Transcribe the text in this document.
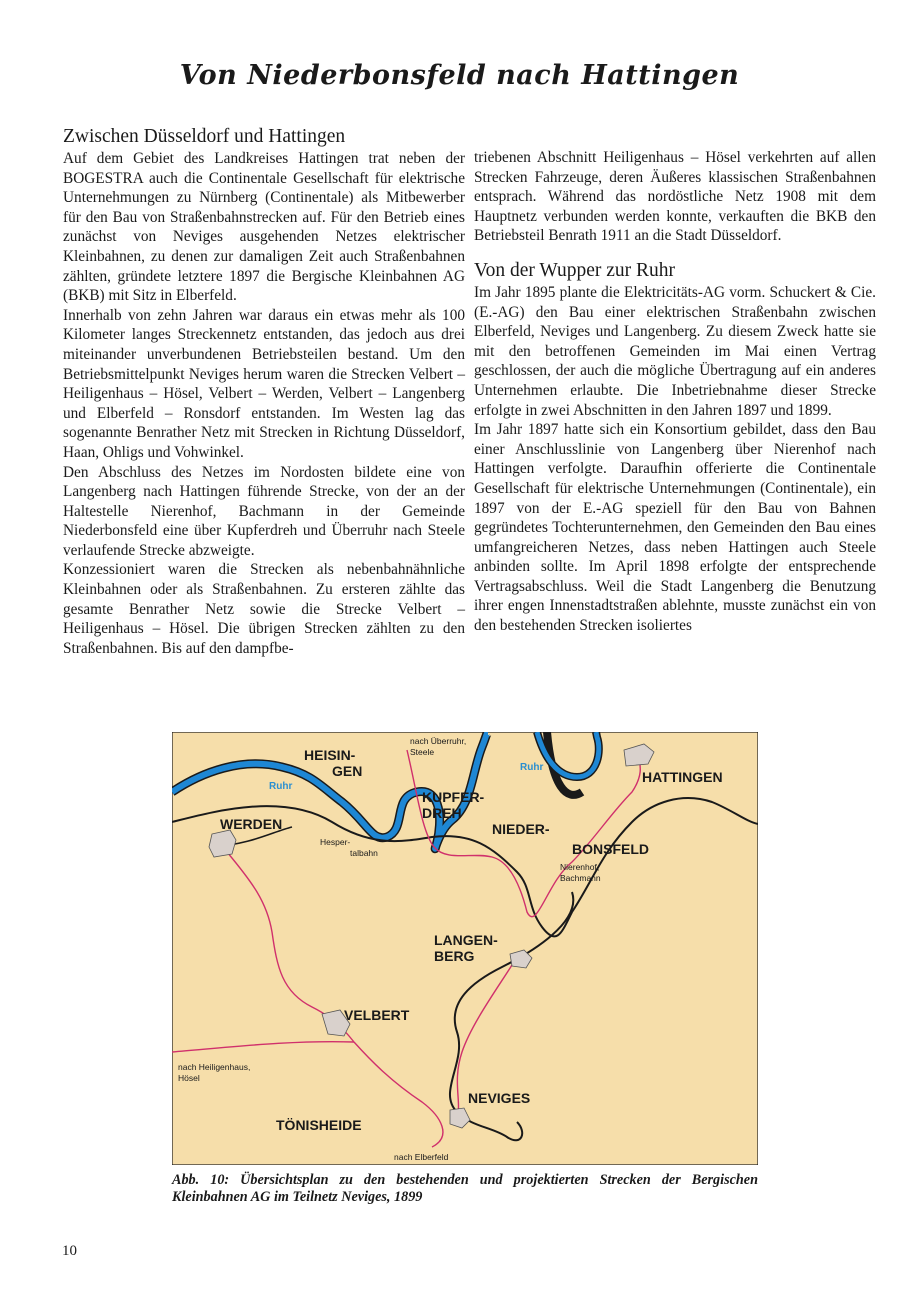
Von Niederbonsfeld nach Hattingen
Zwischen Düsseldorf und Hattingen

Auf dem Gebiet des Landkreises Hattingen trat neben der BOGESTRA auch die Continentale Gesellschaft für elektrische Unternehmungen zu Nürnberg (Continentale) als Mitbewerber für den Bau von Straßenbahnstrecken auf. Für den Betrieb eines zunächst von Neviges ausgehenden Netzes elektrischer Kleinbahnen, zu denen zur damaligen Zeit auch Straßenbahnen zählten, gründete letztere 1897 die Bergische Kleinbahnen AG (BKB) mit Sitz in Elberfeld.

Innerhalb von zehn Jahren war daraus ein etwas mehr als 100 Kilometer langes Streckennetz entstanden, das jedoch aus drei miteinander unverbundenen Betriebsteilen bestand. Um den Betriebsmittelpunkt Neviges herum waren die Strecken Velbert – Heiligenhaus – Hösel, Velbert – Werden, Velbert – Langenberg und Elberfeld – Ronsdorf entstanden. Im Westen lag das sogenannte Benrather Netz mit Strecken in Richtung Düsseldorf, Haan, Ohligs und Vohwinkel.

Den Abschluss des Netzes im Nordosten bildete eine von Langenberg nach Hattingen führende Strecke, von der an der Haltestelle Nierenhof, Bachmann in der Gemeinde Niederbonsfeld eine über Kupferdreh und Überruhr nach Steele verlaufende Strecke abzweigte.

Konzessioniert waren die Strecken als nebenbahnähnliche Kleinbahnen oder als Straßenbahnen. Zu ersteren zählte das gesamte Benrather Netz sowie die Strecke Velbert – Heiligenhaus – Hösel. Die übrigen Strecken zählten zu den Straßenbahnen. Bis auf den dampfbe-

triebenen Abschnitt Heiligenhaus – Hösel verkehrten auf allen Strecken Fahrzeuge, deren Äußeres klassischen Straßenbahnen entsprach. Während das nordöstliche Netz 1908 mit dem Hauptnetz verbunden werden konnte, verkauften die BKB den Betriebsteil Benrath 1911 an die Stadt Düsseldorf.

Von der Wupper zur Ruhr

Im Jahr 1895 plante die Elektricitäts-AG vorm. Schuckert & Cie. (E.-AG) den Bau einer elektrischen Straßenbahn zwischen Elberfeld, Neviges und Langenberg. Zu diesem Zweck hatte sie mit den betroffenen Gemeinden im Mai einen Vertrag geschlossen, der auch die mögliche Übertragung auf ein anderes Unternehmen erlaubte. Die Inbetriebnahme dieser Strecke erfolgte in zwei Abschnitten in den Jahren 1897 und 1899.

Im Jahr 1897 hatte sich ein Konsortium gebildet, dass den Bau einer Anschlusslinie von Langenberg über Nierenhof nach Hattingen verfolgte. Daraufhin offerierte die Continentale Gesellschaft für elektrische Unternehmungen (Continentale), ein 1897 von der E.-AG speziell für den Bau von Bahnen gegründetes Tochterunternehmen, den Gemeinden den Bau eines umfangreicheren Netzes, dass neben Hattingen auch Steele anbinden sollte. Im April 1898 erfolgte der entsprechende Vertragsabschluss. Weil die Stadt Langenberg die Benutzung ihrer engen Innenstadtstraßen ablehnte, musste zunächst ein von den bestehenden Strecken isoliertes

Ruhr
Ruhr
HEISIN-
GEN
WERDEN
KUPFER-
DREH
NIEDER-
BONSFELD
HATTINGEN
LANGEN-
BERG
VELBERT
NEVIGES
TÖNISHEIDE
nach Überruhr,
Steele
Hesper-
talbahn
Nierenhof,
Bachmann
nach Heiligenhaus,
Hösel
nach Elberfeld
Abb. 10: Übersichtsplan zu den bestehenden und projektierten Strecken der Bergischen Kleinbahnen AG im Teilnetz Neviges, 1899
10
